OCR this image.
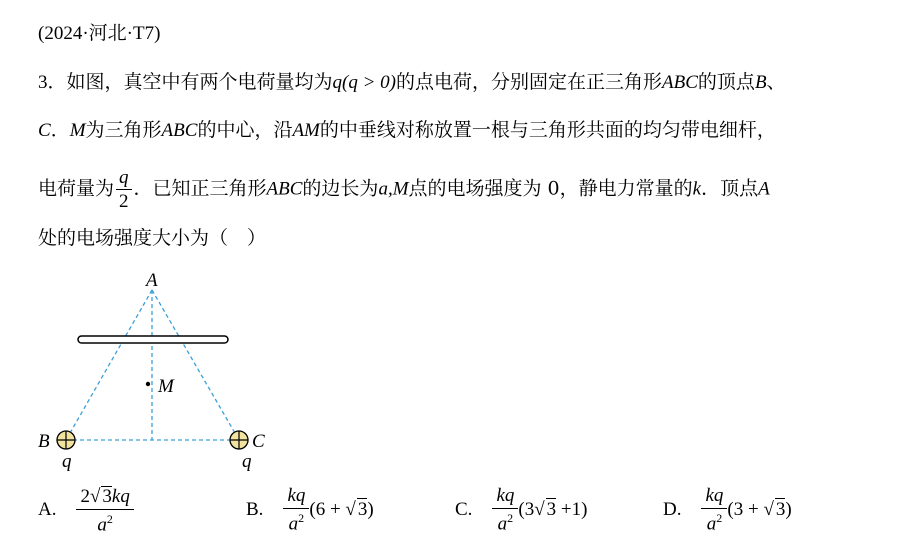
(2024·河北·T7)
3．如图，真空中有两个电荷量均为q(q > 0)的点电荷，分别固定在正三角形ABC的顶点B、
C．M为三角形ABC的中心，沿AM的中垂线对称放置一根与三角形共面的均匀带电细杆，
电荷量为 $\frac{q}{2}$ ．已知正三角形ABC的边长为a,M点的电场强度为 0，静电力常量的k．顶点A
处的电场强度大小为（　）
A
M
B	C
q	q
A. $\frac{2√ 3kq}{a^2}$	B. $\frac{kq}{a^2} (6$ + √ 3)	C. $\frac{kq}{a^2} (3√$ 3 +1)	D. $\frac{kq}{a^2} (3$ + √ 3)
